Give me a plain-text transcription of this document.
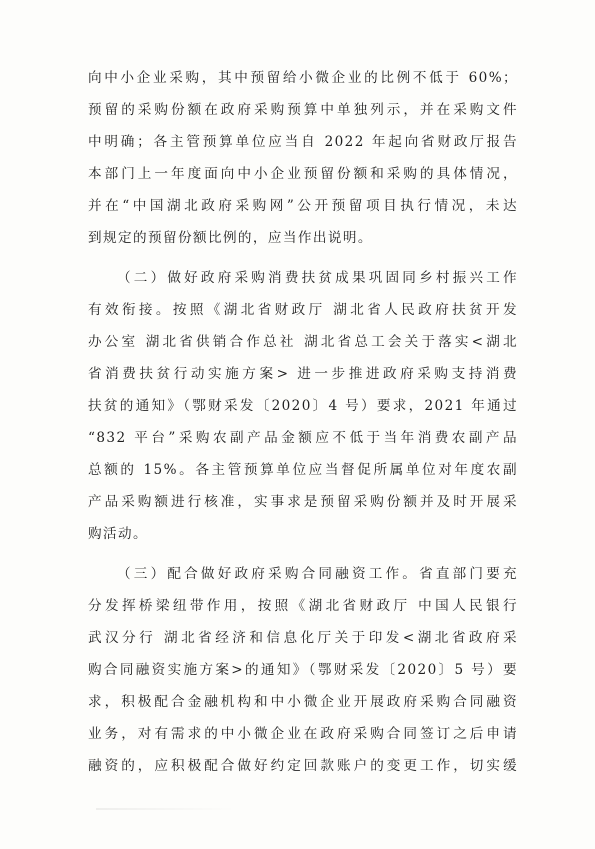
向中小企业采购，其中预留给小微企业的比例不低于 60%；
预留的采购份额在政府采购预算中单独列示，并在采购文件
中明确；各主管预算单位应当自 2022 年起向省财政厅报告
本部门上一年度面向中小企业预留份额和采购的具体情况，
并在“中国湖北政府采购网”公开预留项目执行情况，未达
到规定的预留份额比例的，应当作出说明。
（二）做好政府采购消费扶贫成果巩固同乡村振兴工作
有效衔接。按照《湖北省财政厅 湖北省人民政府扶贫开发
办公室 湖北省供销合作总社 湖北省总工会关于落实<湖北
省消费扶贫行动实施方案> 进一步推进政府采购支持消费
扶贫的通知》（鄂财采发〔2020〕4 号）要求，2021 年通过
“832 平台”采购农副产品金额应不低于当年消费农副产品
总额的 15%。各主管预算单位应当督促所属单位对年度农副
产品采购额进行核准，实事求是预留采购份额并及时开展采
购活动。
（三）配合做好政府采购合同融资工作。省直部门要充
分发挥桥梁纽带作用，按照《湖北省财政厅 中国人民银行
武汉分行 湖北省经济和信息化厅关于印发<湖北省政府采
购合同融资实施方案>的通知》（鄂财采发〔2020〕5 号）要
求，积极配合金融机构和中小微企业开展政府采购合同融资
业务，对有需求的中小微企业在政府采购合同签订之后申请
融资的，应积极配合做好约定回款账户的变更工作，切实缓
